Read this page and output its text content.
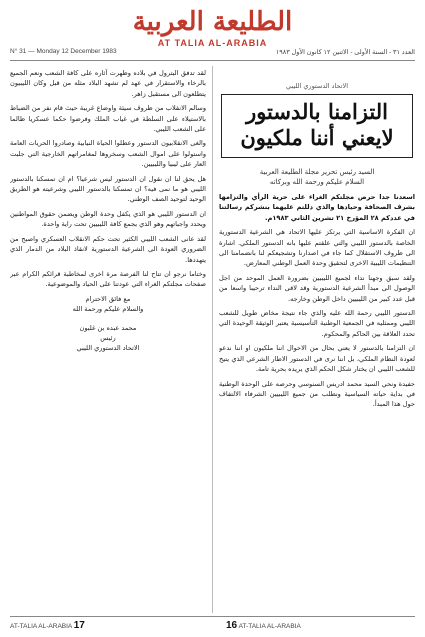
الطليعة العربية
AT TALIA AL-ARABIA
N° 31 — Monday 12 December 1983	العدد ٣١ - السنة الأولى - الاثنين ١٢ كانون الأول ١٩٨٣
الاتحاد الدستوري الليبي
التزامنا بالدستور
لايعني أننا ملكيون
السيد رئيس تحرير مجلة الطليعة العربية
السلام عليكم ورحمة الله وبركاته

اسعدنا جدا حرص مجلتكم الغراء على حرية الرأي والتزامها بشرف الصحافة وحيادها والذي دللتم عليهما بنشركم رسالتنا في عددكم ٢٨ المؤرخ ٢١ تشرين الثاني ١٩٨٣م.

ان الفكرة الاساسية التي يرتكز عليها الاتحاد هي الشرعية الدستورية الخاصة بالدستور الليبي والتي علقتم عليها بانه الدستور الملكي. اشارة الى ظروف الاستقلال كما جاء في اصدارنا وتشجيعكم لنا بانضمامنا الى التنظيمات الليبية الاخرى لتحقيق وحدة العمل الوطني المعارض.

ولقد سبق وجهنا نداء لجميع الليبيين بضرورة العمل الموحد من اجل الوصول الى مبدأ الشرعية الدستورية وقد لاقى النداء ترحيبا واسعا من قبل عدد كبير من الليبيين داخل الوطن وخارجه.

الدستور الليبي رحمة الله عليه والذي جاء نتيجة مخاض طويل للشعب الليبي وممثليه في الجمعية الوطنية التأسيسية يعتبر الوثيقة الوحيدة التي تحدد العلاقة بين الحاكم والمحكوم.

ان التزامنا بالدستور لا يعني بحال من الاحوال اننا ملكيون او اننا ندعو لعودة النظام الملكي، بل اننا نرى في الدستور الاطار الشرعي الذي يتيح للشعب الليبي ان يختار شكل الحكم الذي يريده بحرية تامة.

حفيدة ونحي السيد محمد ادريس السنوسي وحرصه على الوحدة الوطنية في بداية حياته السياسية ونطلب من جميع الليبيين الشرفاء الالتفاف حول هذا المبدأ.

لقد تدفق البترول في بلاده وظهرت آثاره على كافة الشعب ونعم الجميع بالرخاء والاستقرار في عهد لم تشهد البلاد مثله من قبل وكان الليبيون يتطلعون الى مستقبل زاهر.

وسالم الانقلاب من ظروف سيئة واوضاع غريبة حيث قام نفر من الضباط بالاستيلاء على السلطة في غياب الملك وفرضوا حكما عسكريا ظالما على الشعب الليبي.

والغى الانقلابيون الدستور وعطلوا الحياة النيابية وصادروا الحريات العامة واستولوا على اموال الشعب وسخروها لمغامراتهم الخارجية التي جلبت العار على ليبيا والليبيين.

هل يحق لنا ان نقول ان الدستور ليس شرعيا؟ ام ان تمسكنا بالدستور الليبي هو ما نمى فيه؟ ان تمسكنا بالدستور الليبي وشرعيته هو الطريق الوحيد لتوحيد الصف الوطني.

ان الدستور الليبي هو الذي يكفل وحدة الوطن ويضمن حقوق المواطنين ويحدد واجباتهم وهو الذي يجمع كافة الليبيين تحت راية واحدة.

لقد عانى الشعب الليبي الكثير تحت حكم الانقلاب العسكري واصبح من الضروري العودة الى الشرعية الدستورية لانقاذ البلاد من الدمار الذي يتهددها.

وختاما نرجو ان تتاح لنا الفرصة مرة اخرى لمخاطبة قرائكم الكرام عبر صفحات مجلتكم الغراء التي عودتنا على الحياد والموضوعية.

مع فائق الاحترام
والسلام عليكم ورحمة الله
محمد عبده بن غلبون
رئيس
الاتحاد الدستوري الليبي
AT-TALIA AL-ARABIA 17	16 AT-TALIA AL-ARABIA
